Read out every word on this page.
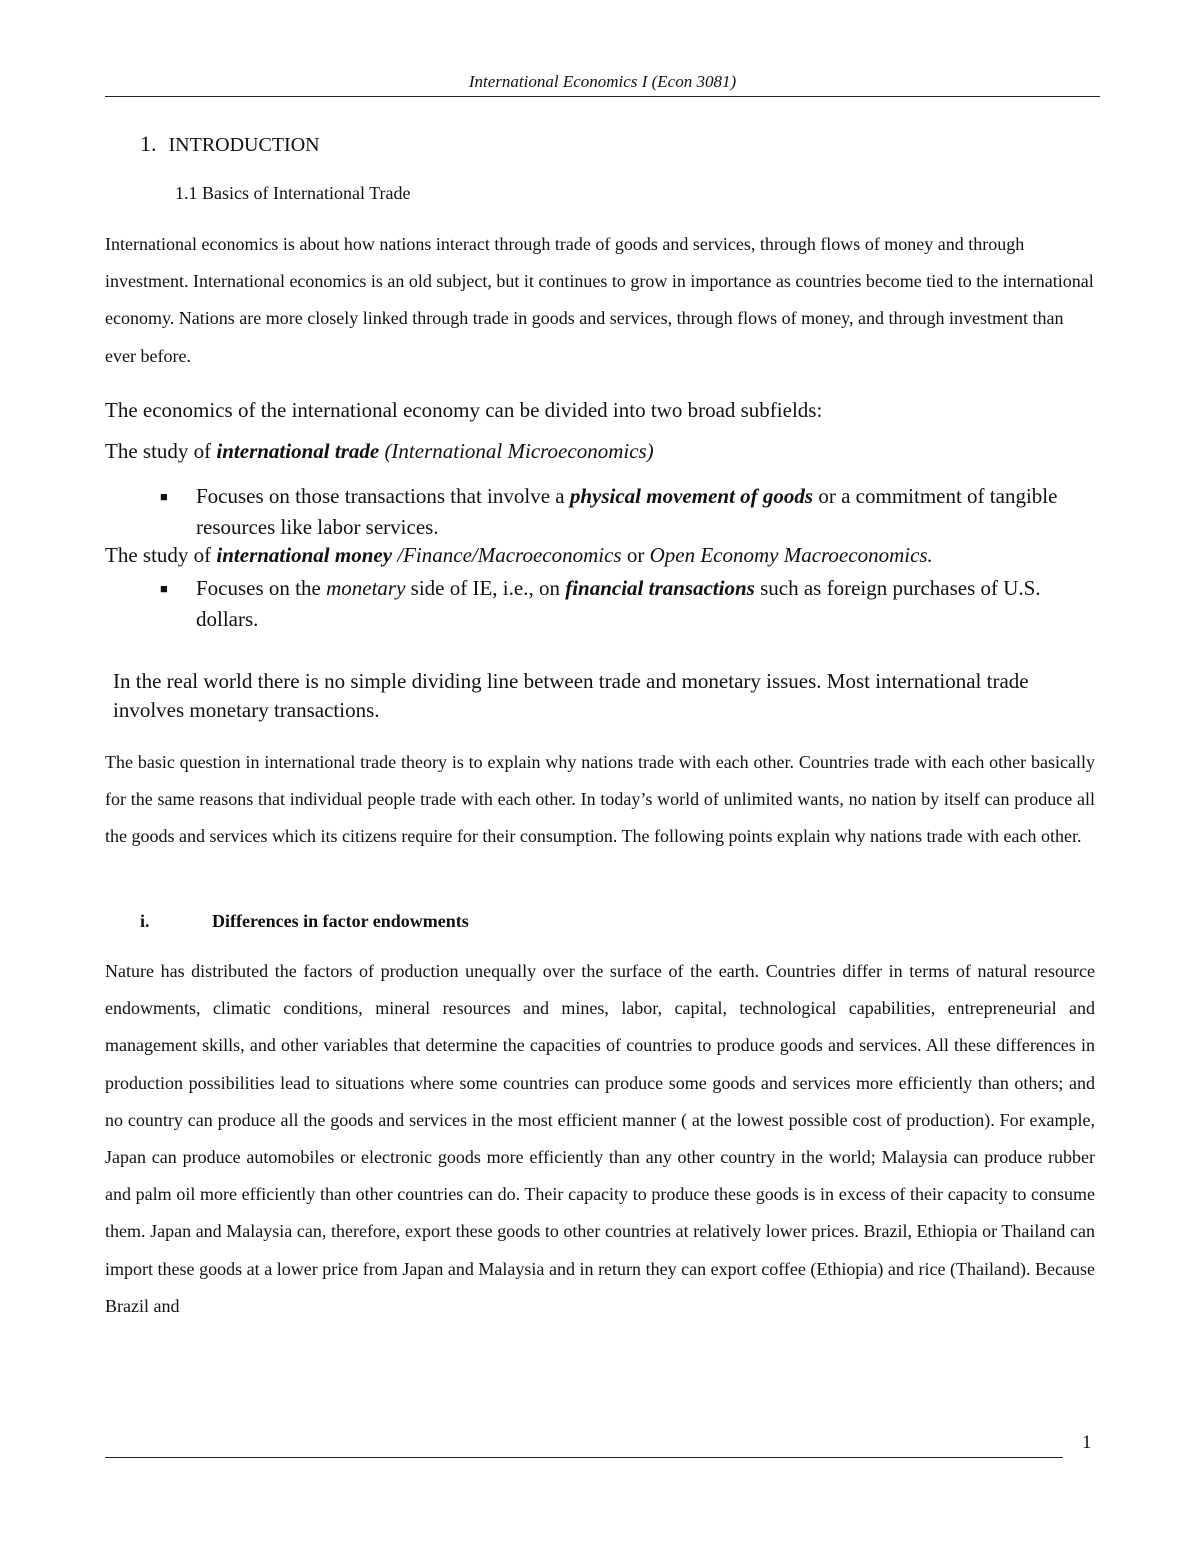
International Economics I (Econ 3081)
1. INTRODUCTION
1.1 Basics of International Trade
International economics is about how nations interact through trade of goods and services, through flows of money and through investment. International economics is an old subject, but it continues to grow in importance as countries become tied to the international economy. Nations are more closely linked through trade in goods and services, through flows of money, and through investment than ever before.
The economics of the international economy can be divided into two broad subfields:
The study of international trade (International Microeconomics)
■ Focuses on those transactions that involve a physical movement of goods or a commitment of tangible resources like labor services.
The study of international money /Finance/Macroeconomics or Open Economy Macroeconomics.
■ Focuses on the monetary side of IE, i.e., on financial transactions such as foreign purchases of U.S. dollars.
In the real world there is no simple dividing line between trade and monetary issues. Most international trade involves monetary transactions.
The basic question in international trade theory is to explain why nations trade with each other. Countries trade with each other basically for the same reasons that individual people trade with each other. In today’s world of unlimited wants, no nation by itself can produce all the goods and services which its citizens require for their consumption. The following points explain why nations trade with each other.
i.	Differences in factor endowments
Nature has distributed the factors of production unequally over the surface of the earth. Countries differ in terms of natural resource endowments, climatic conditions, mineral resources and mines, labor, capital, technological capabilities, entrepreneurial and management skills, and other variables that determine the capacities of countries to produce goods and services. All these differences in production possibilities lead to situations where some countries can produce some goods and services more efficiently than others; and no country can produce all the goods and services in the most efficient manner ( at the lowest possible cost of production). For example, Japan can produce automobiles or electronic goods more efficiently than any other country in the world; Malaysia can produce rubber and palm oil more efficiently than other countries can do. Their capacity to produce these goods is in excess of their capacity to consume them. Japan and Malaysia can, therefore, export these goods to other countries at relatively lower prices. Brazil, Ethiopia or Thailand can import these goods at a lower price from Japan and Malaysia and in return they can export coffee (Ethiopia) and rice (Thailand). Because Brazil and
1
